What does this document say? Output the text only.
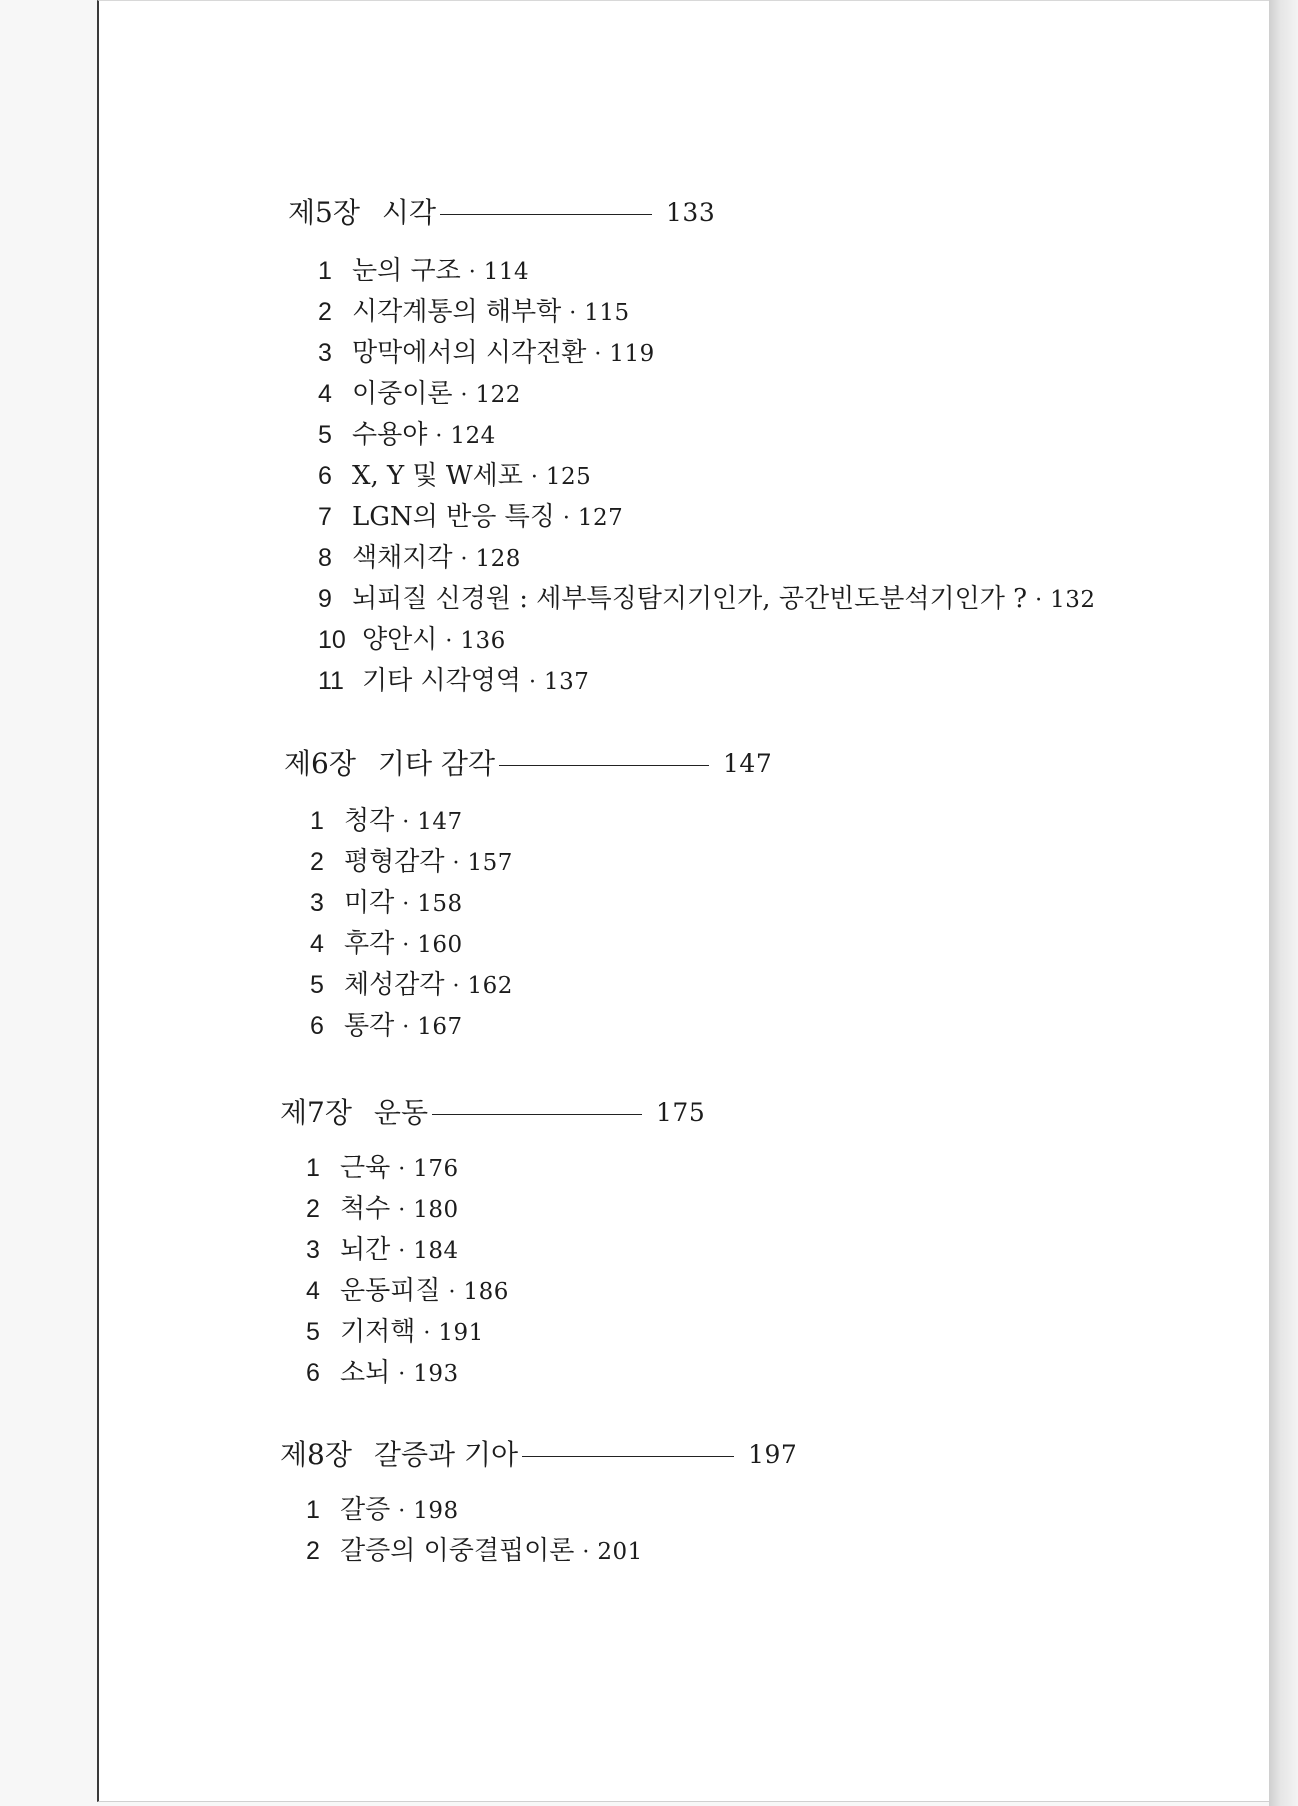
제5장 시각	133
1 눈의 구조 · 114
2 시각계통의 해부학 · 115
3 망막에서의 시각전환 · 119
4 이중이론 · 122
5 수용야 · 124
6 X, Y 및 W세포 · 125
7 LGN의 반응 특징 · 127
8 색채지각 · 128
9 뇌피질 신경원 : 세부특징탐지기인가, 공간빈도분석기인가 ? · 132
10 양안시 · 136
11 기타 시각영역 · 137
제6장 기타 감각	147
1 청각 · 147
2 평형감각 · 157
3 미각 · 158
4 후각 · 160
5 체성감각 · 162
6 통각 · 167
제7장 운동	175
1 근육 · 176
2 척수 · 180
3 뇌간 · 184
4 운동피질 · 186
5 기저핵 · 191
6 소뇌 · 193
제8장 갈증과 기아	197
1 갈증 · 198
2 갈증의 이중결핍이론 · 201
